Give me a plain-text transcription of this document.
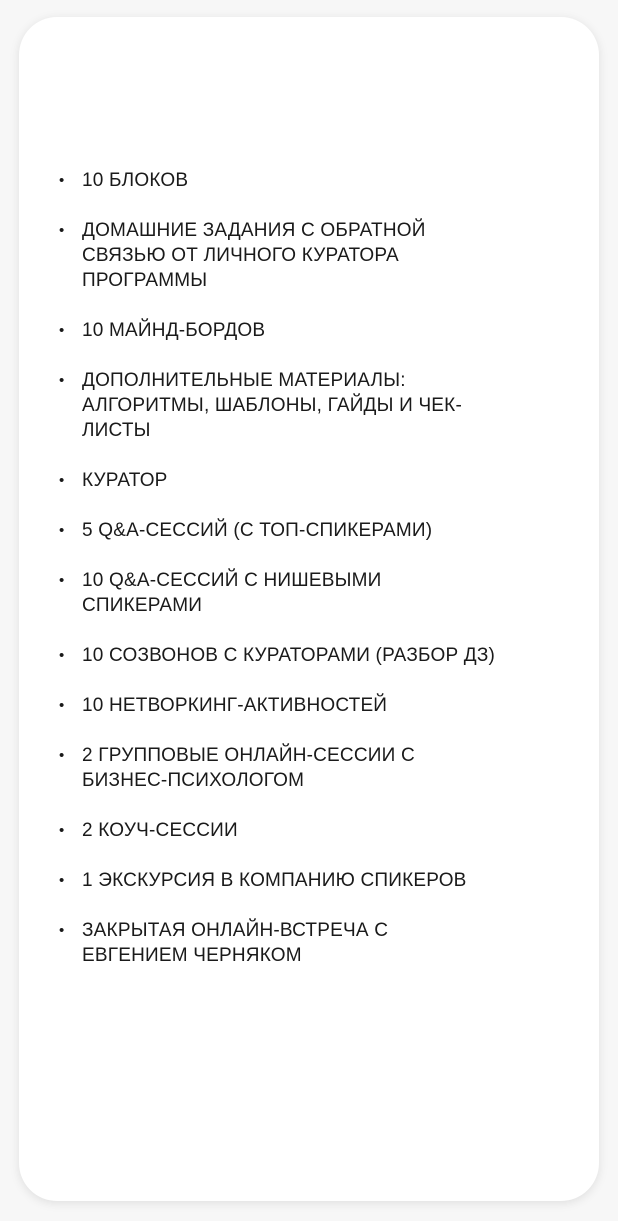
• 10 БЛОКОВ
• ДОМАШНИЕ ЗАДАНИЯ С ОБРАТНОЙ
СВЯЗЬЮ ОТ ЛИЧНОГО КУРАТОРА
ПРОГРАММЫ
• 10 МАЙНД-БОРДОВ
• ДОПОЛНИТЕЛЬНЫЕ МАТЕРИАЛЫ:
АЛГОРИТМЫ, ШАБЛОНЫ, ГАЙДЫ И ЧЕК-
ЛИСТЫ
• КУРАТОР
• 5 Q&A-СЕССИЙ (С ТОП-СПИКЕРАМИ)
• 10 Q&A-СЕССИЙ С НИШЕВЫМИ
СПИКЕРАМИ
• 10 СОЗВОНОВ С КУРАТОРАМИ (РАЗБОР ДЗ)
• 10 НЕТВОРКИНГ-АКТИВНОСТЕЙ
• 2 ГРУППОВЫЕ ОНЛАЙН-СЕССИИ С
БИЗНЕС-ПСИХОЛОГОМ
• 2 КОУЧ-СЕССИИ
• 1 ЭКСКУРСИЯ В КОМПАНИЮ СПИКЕРОВ
• ЗАКРЫТАЯ ОНЛАЙН-ВСТРЕЧА С
ЕВГЕНИЕМ ЧЕРНЯКОМ
